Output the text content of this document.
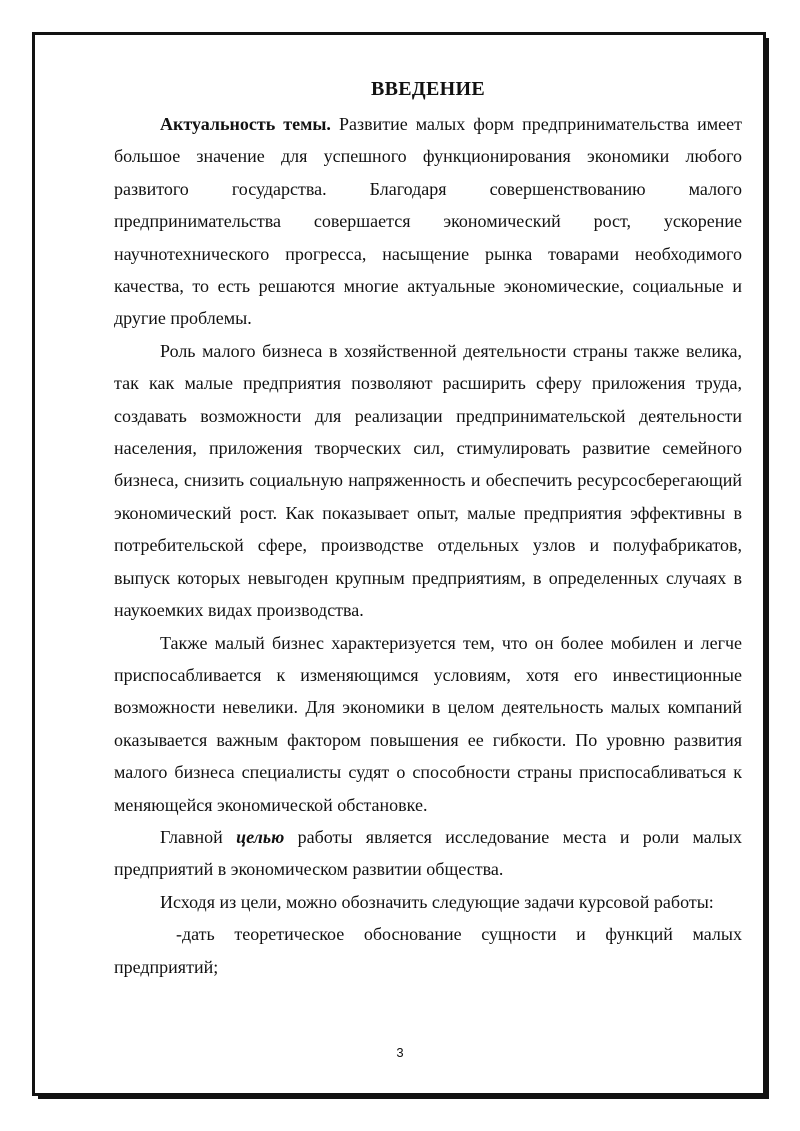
ВВЕДЕНИЕ

Актуальность темы. Развитие малых форм предпринимательства имеет большое значение для успешного функционирования экономики любого развитого государства. Благодаря совершенствованию малого предпринимательства совершается экономический рост, ускорение научнотехнического прогресса, насыщение рынка товарами необходимого качества, то есть решаются многие актуальные экономические, социальные и другие проблемы.

Роль малого бизнеса в хозяйственной деятельности страны также велика, так как малые предприятия позволяют расширить сферу приложения труда, создавать возможности для реализации предпринимательской деятельности населения, приложения творческих сил, стимулировать развитие семейного бизнеса, снизить социальную напряженность и обеспечить ресурсосберегающий экономический рост. Как показывает опыт, малые предприятия эффективны в потребительской сфере, производстве отдельных узлов и полуфабрикатов, выпуск которых невыгоден крупным предприятиям, в определенных случаях в наукоемких видах производства.

Также малый бизнес характеризуется тем, что он более мобилен и легче приспосабливается к изменяющимся условиям, хотя его инвестиционные возможности невелики. Для экономики в целом деятельность малых компаний оказывается важным фактором повышения ее гибкости. По уровню развития малого бизнеса специалисты судят о способности страны приспосабливаться к меняющейся экономической обстановке.

Главной целью работы является исследование места и роли малых предприятий в экономическом развитии общества.

Исходя из цели, можно обозначить следующие задачи курсовой работы:

-дать теоретическое обоснование сущности и функций малых предприятий;

3
